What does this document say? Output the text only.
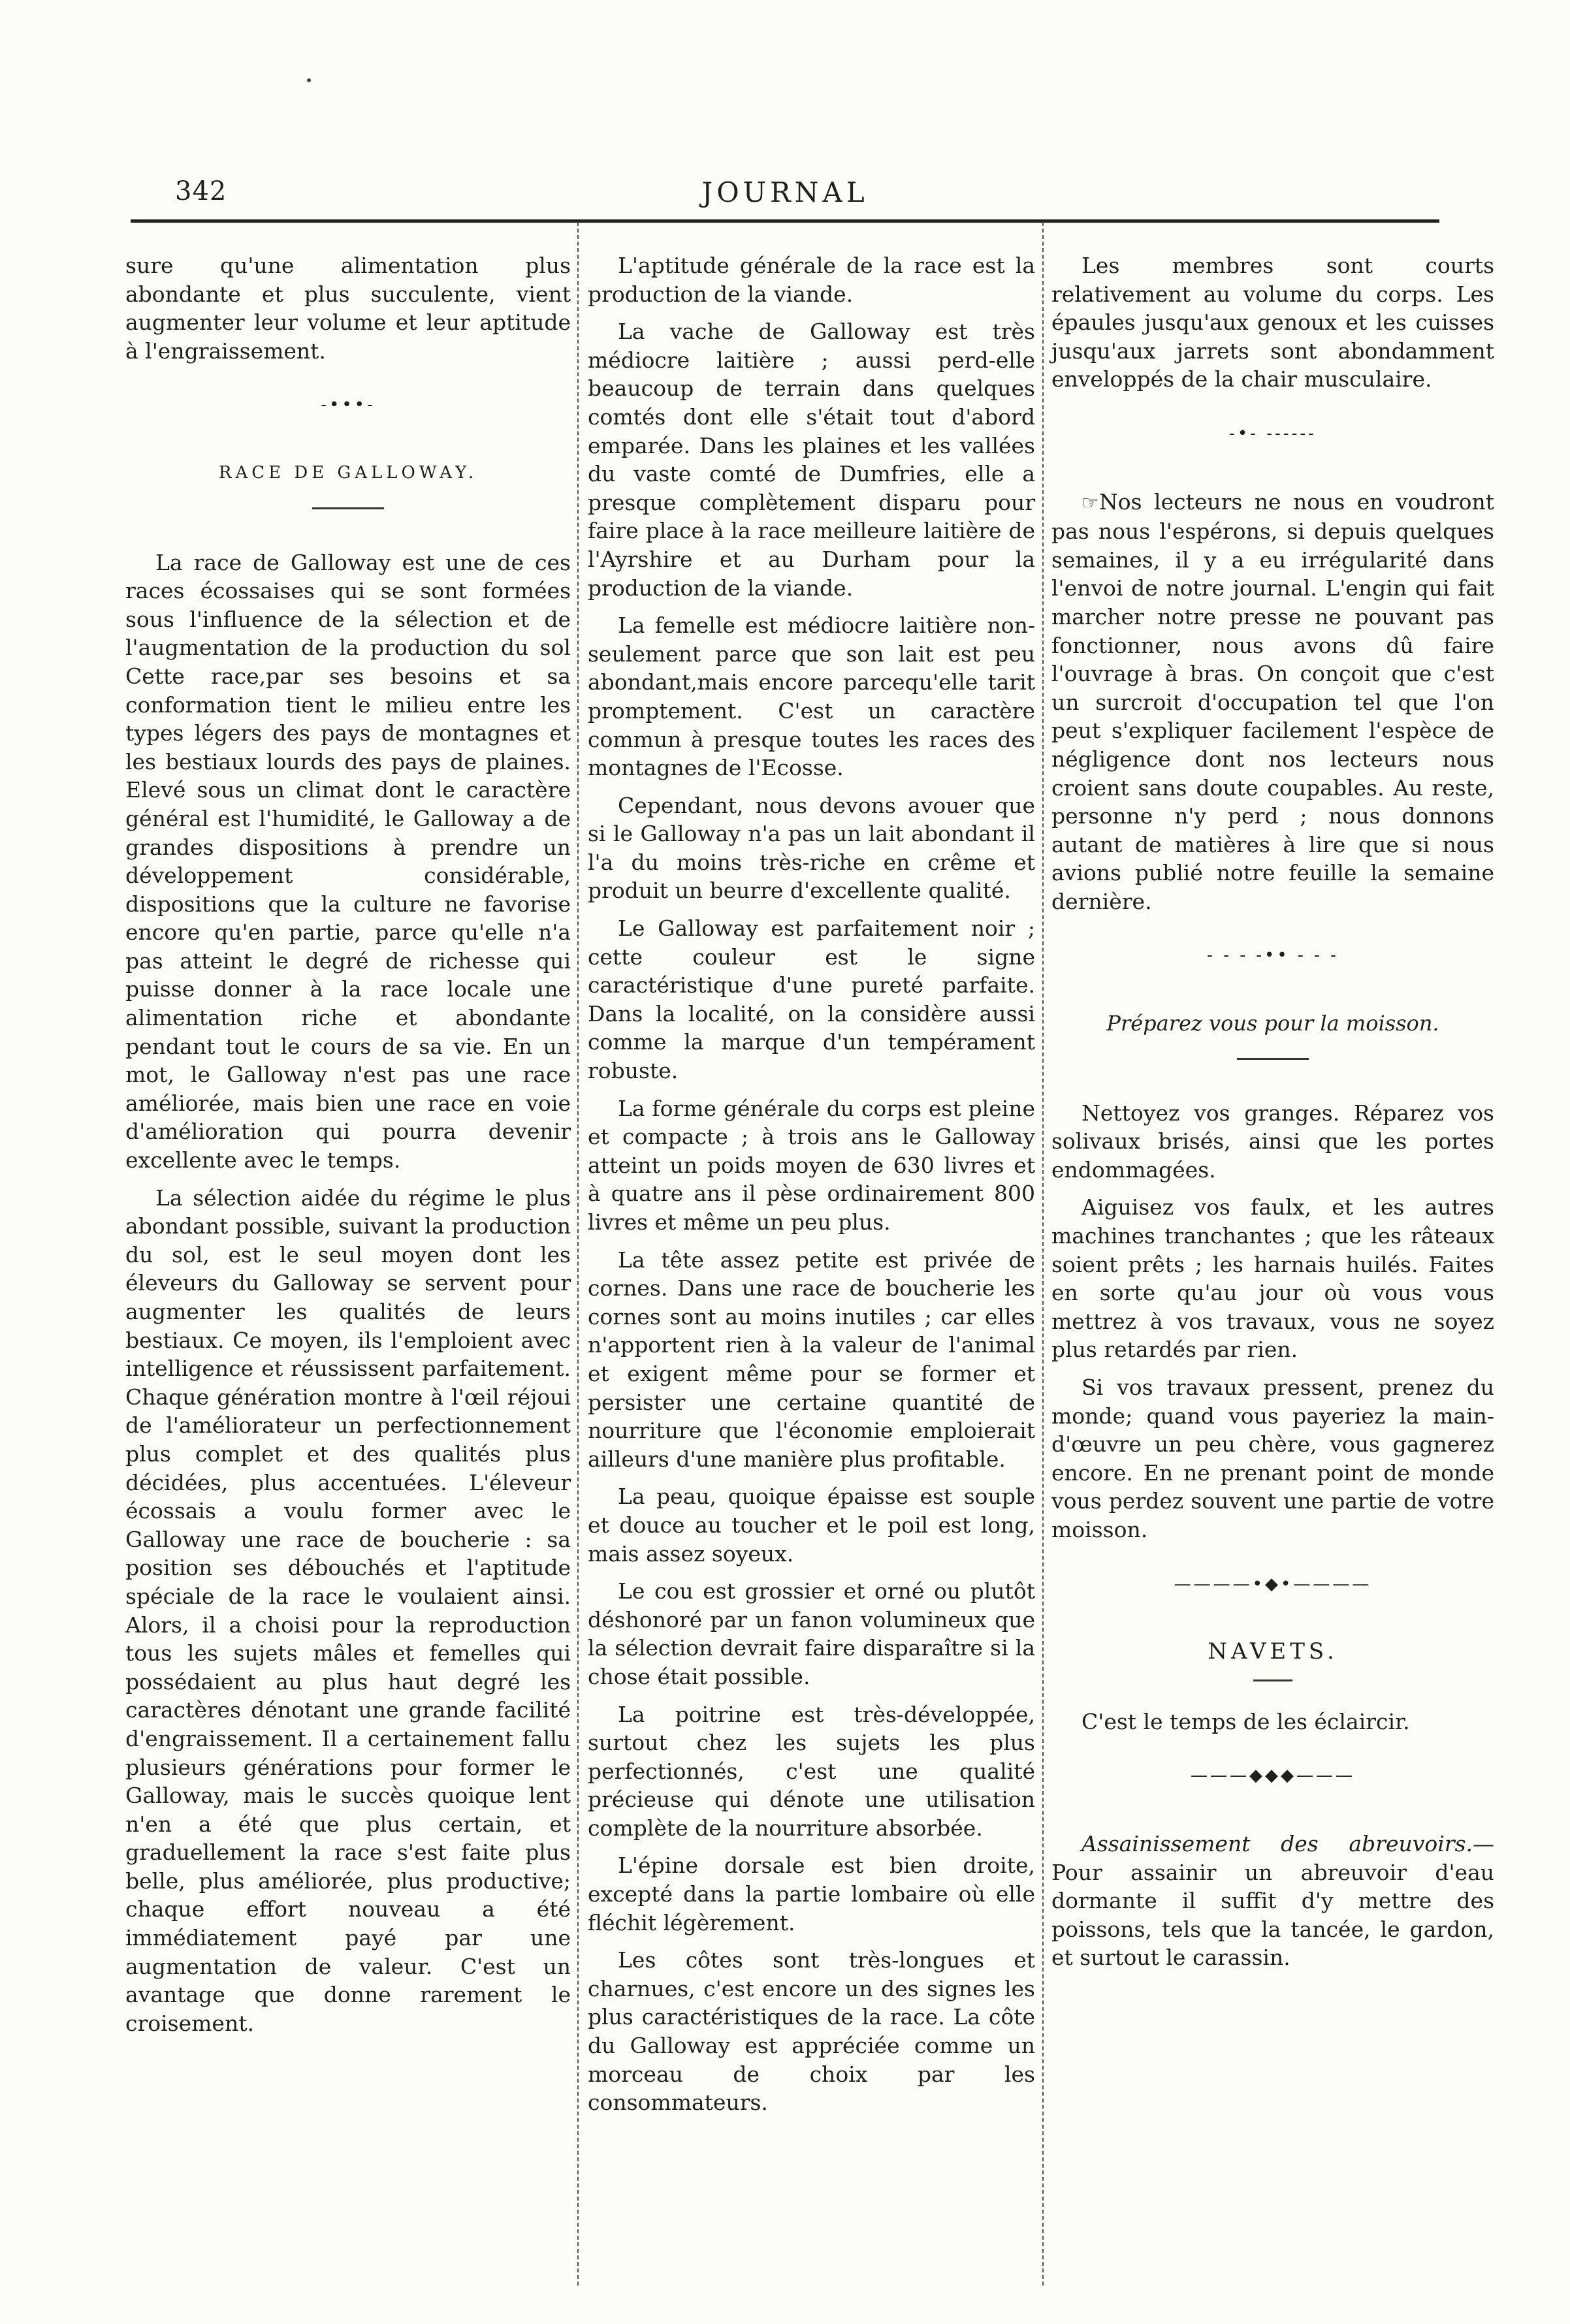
342	JOURNAL

sure qu'une alimentation plus abondante et plus succulente, vient augmenter leur volume et leur aptitude à l'engraissement.

-•••-
RACE DE GALLOWAY.

La race de Galloway est une de ces races écossaises qui se sont formées sous l'influence de la sélection et de l'augmentation de la production du sol Cette race,par ses besoins et sa conformation tient le milieu entre les types légers des pays de montagnes et les bestiaux lourds des pays de plaines. Elevé sous un climat dont le caractère général est l'humidité, le Galloway a de grandes dispositions à prendre un développement considérable, dispositions que la culture ne favorise encore qu'en partie, parce qu'elle n'a pas atteint le degré de richesse qui puisse donner à la race locale une alimentation riche et abondante pendant tout le cours de sa vie. En un mot, le Galloway n'est pas une race améliorée, mais bien une race en voie d'amélioration qui pourra devenir excellente avec le temps.

La sélection aidée du régime le plus abondant possible, suivant la production du sol, est le seul moyen dont les éleveurs du Galloway se servent pour augmenter les qualités de leurs bestiaux. Ce moyen, ils l'emploient avec intelligence et réussissent parfaitement. Chaque génération montre à l'œil réjoui de l'améliorateur un perfectionnement plus complet et des qualités plus décidées, plus accentuées. L'éleveur écossais a voulu former avec le Galloway une race de boucherie : sa position ses débouchés et l'aptitude spéciale de la race le voulaient ainsi. Alors, il a choisi pour la reproduction tous les sujets mâles et femelles qui possédaient au plus haut degré les caractères dénotant une grande facilité d'engraissement. Il a certainement fallu plusieurs générations pour former le Galloway, mais le succès quoique lent n'en a été que plus certain, et graduellement la race s'est faite plus belle, plus améliorée, plus productive; chaque effort nouveau a été immédiatement payé par une augmentation de valeur. C'est un avantage que donne rarement le croisement.

L'aptitude générale de la race est la production de la viande.

La vache de Galloway est très médiocre laitière ; aussi perd-elle beaucoup de terrain dans quelques comtés dont elle s'était tout d'abord emparée. Dans les plaines et les vallées du vaste comté de Dumfries, elle a presque complètement disparu pour faire place à la race meilleure laitière de l'Ayrshire et au Durham pour la production de la viande.

La femelle est médiocre laitière non-seulement parce que son lait est peu abondant,mais encore parcequ'elle tarit promptement. C'est un caractère commun à presque toutes les races des montagnes de l'Ecosse.

Cependant, nous devons avouer que si le Galloway n'a pas un lait abondant il l'a du moins très-riche en crême et produit un beurre d'excellente qualité.

Le Galloway est parfaitement noir ; cette couleur est le signe caractéristique d'une pureté parfaite. Dans la localité, on la considère aussi comme la marque d'un tempérament robuste.

La forme générale du corps est pleine et compacte ; à trois ans le Galloway atteint un poids moyen de 630 livres et à quatre ans il pèse ordinairement 800 livres et même un peu plus.

La tête assez petite est privée de cornes. Dans une race de boucherie les cornes sont au moins inutiles ; car elles n'apportent rien à la valeur de l'animal et exigent même pour se former et persister une certaine quantité de nourriture que l'économie emploierait ailleurs d'une manière plus profitable.

La peau, quoique épaisse est souple et douce au toucher et le poil est long, mais assez soyeux.

Le cou est grossier et orné ou plutôt déshonoré par un fanon volumineux que la sélection devrait faire disparaître si la chose était possible.

La poitrine est très-développée, surtout chez les sujets les plus perfectionnés, c'est une qualité précieuse qui dénote une utilisation complète de la nourriture absorbée.

L'épine dorsale est bien droite, excepté dans la partie lombaire où elle fléchit légèrement.

Les côtes sont très-longues et charnues, c'est encore un des signes les plus caractéristiques de la race. La côte du Galloway est appréciée comme un morceau de choix par les consommateurs.

Les membres sont courts relativement au volume du corps. Les épaules jusqu'aux genoux et les cuisses jusqu'aux jarrets sont abondamment enveloppés de la chair musculaire.

-•- ------

☞Nos lecteurs ne nous en voudront pas nous l'espérons, si depuis quelques semaines, il y a eu irrégularité dans l'envoi de notre journal. L'engin qui fait marcher notre presse ne pouvant pas fonctionner, nous avons dû faire l'ouvrage à bras. On conçoit que c'est un surcroit d'occupation tel que l'on peut s'expliquer facilement l'espèce de négligence dont nos lecteurs nous croient sans doute coupables. Au reste, personne n'y perd ; nous donnons autant de matières à lire que si nous avions publié notre feuille la semaine dernière.

- - - -•• - - -
Préparez vous pour la moisson.

Nettoyez vos granges. Réparez vos solivaux brisés, ainsi que les portes endommagées.

Aiguisez vos faulx, et les autres machines tranchantes ; que les râteaux soient prêts ; les harnais huilés. Faites en sorte qu'au jour où vous vous mettrez à vos travaux, vous ne soyez plus retardés par rien.

Si vos travaux pressent, prenez du monde; quand vous payeriez la main-d'œuvre un peu chère, vous gagnerez encore. En ne prenant point de monde vous perdez souvent une partie de votre moisson.

————•◆•————
NAVETS.

C'est le temps de les éclaircir.

———◆◆◆———

Assainissement des abreuvoirs.—Pour assainir un abreuvoir d'eau dormante il suffit d'y mettre des poissons, tels que la tancée, le gardon, et surtout le carassin.
